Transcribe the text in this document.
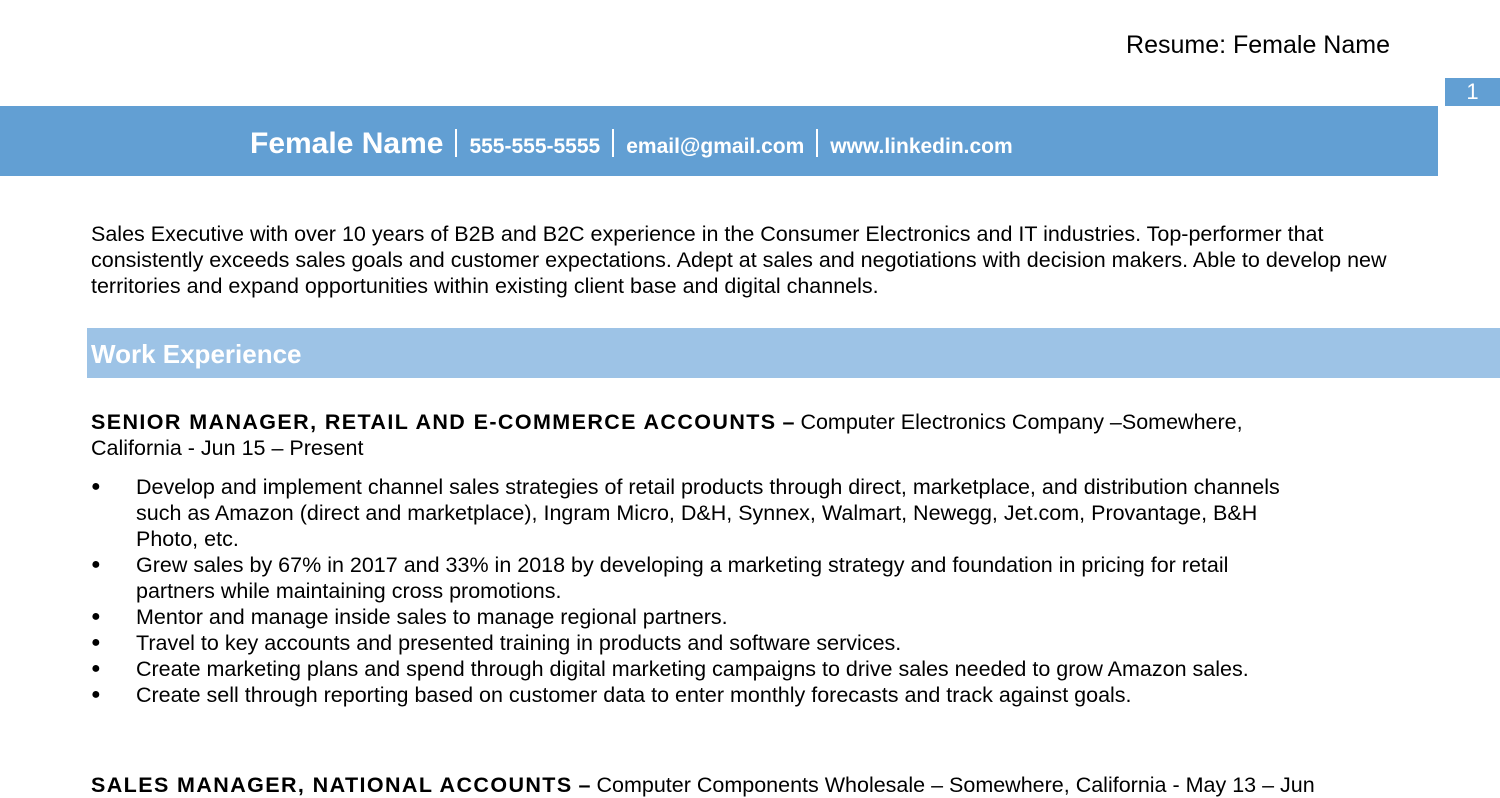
Resume: Female Name
1
Female Name 555-555-5555 email@gmail.com www.linkedin.com
Sales Executive with over 10 years of B2B and B2C experience in the Consumer Electronics and IT industries. Top-performer that consistently exceeds sales goals and customer expectations. Adept at sales and negotiations with decision makers. Able to develop new territories and expand opportunities within existing client base and digital channels.
Work Experience
SENIOR MANAGER, RETAIL AND E-COMMERCE ACCOUNTS – Computer Electronics Company –Somewhere, California - Jun 15 – Present
● Develop and implement channel sales strategies of retail products through direct, marketplace, and distribution channels such as Amazon (direct and marketplace), Ingram Micro, D&H, Synnex, Walmart, Newegg, Jet.com, Provantage, B&H Photo, etc.
● Grew sales by 67% in 2017 and 33% in 2018 by developing a marketing strategy and foundation in pricing for retail partners while maintaining cross promotions.
● Mentor and manage inside sales to manage regional partners.
● Travel to key accounts and presented training in products and software services.
● Create marketing plans and spend through digital marketing campaigns to drive sales needed to grow Amazon sales.
● Create sell through reporting based on customer data to enter monthly forecasts and track against goals.
SALES MANAGER, NATIONAL ACCOUNTS – Computer Components Wholesale – Somewhere, California - May 13 – Jun
